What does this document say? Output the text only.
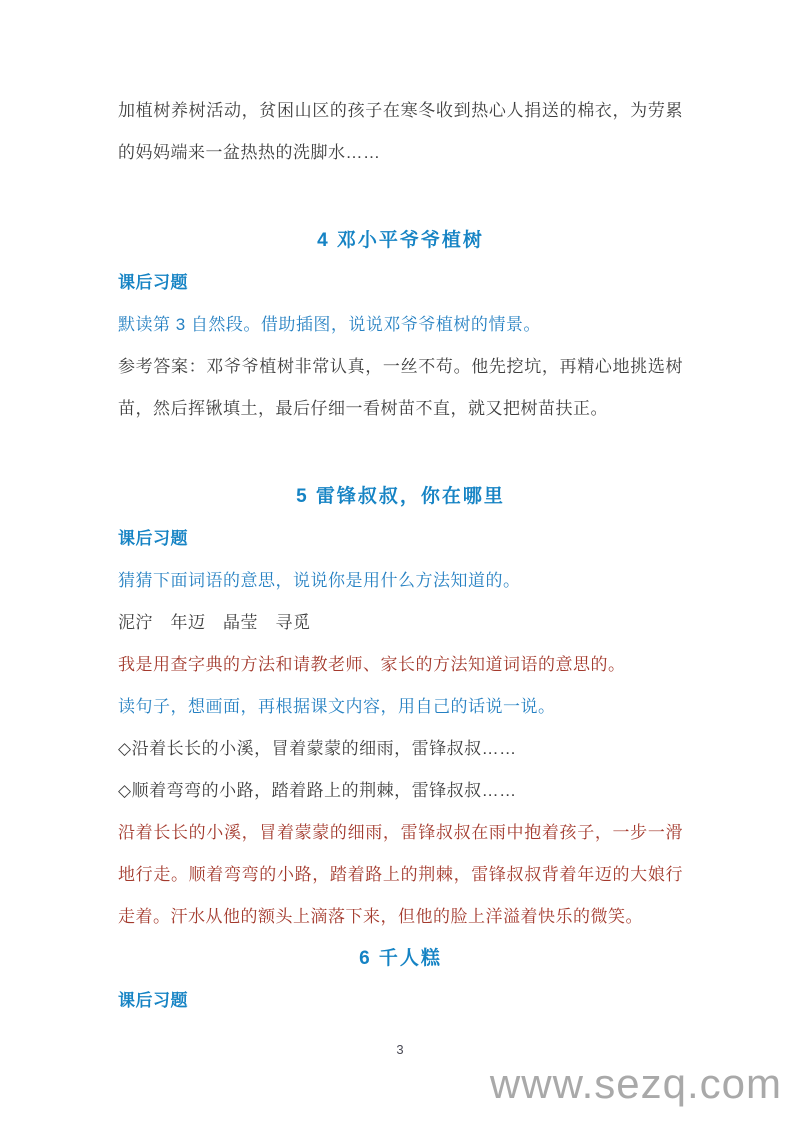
加植树养树活动，贫困山区的孩子在寒冬收到热心人捐送的棉衣，为劳累的妈妈端来一盆热热的洗脚水……

4 邓小平爷爷植树

课后习题

默读第 3 自然段。借助插图，说说邓爷爷植树的情景。

参考答案：邓爷爷植树非常认真，一丝不苟。他先挖坑，再精心地挑选树苗，然后挥锹填土，最后仔细一看树苗不直，就又把树苗扶正。

5 雷锋叔叔，你在哪里

课后习题

猜猜下面词语的意思，说说你是用什么方法知道的。

泥泞　年迈　晶莹　寻觅

我是用查字典的方法和请教老师、家长的方法知道词语的意思的。

读句子，想画面，再根据课文内容，用自己的话说一说。

◇沿着长长的小溪，冒着蒙蒙的细雨，雷锋叔叔……

◇顺着弯弯的小路，踏着路上的荆棘，雷锋叔叔……

沿着长长的小溪，冒着蒙蒙的细雨，雷锋叔叔在雨中抱着孩子，一步一滑地行走。顺着弯弯的小路，踏着路上的荆棘，雷锋叔叔背着年迈的大娘行走着。汗水从他的额头上滴落下来，但他的脸上洋溢着快乐的微笑。

6 千人糕

课后习题

3
www.sezq.com
